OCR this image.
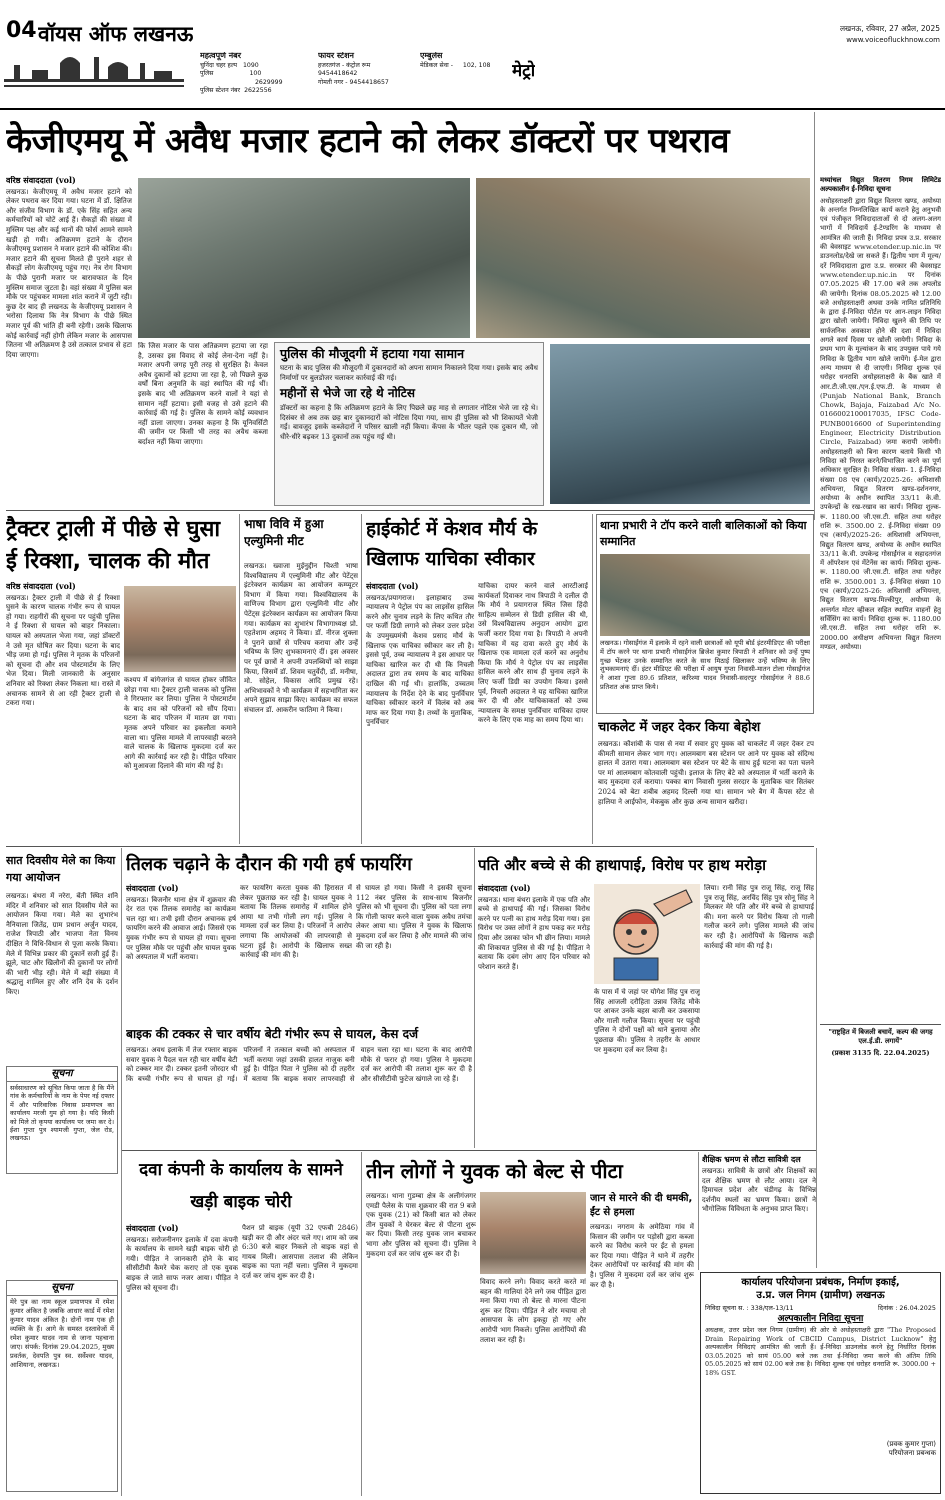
04 वॉयस ऑफ लखनऊ
महत्वपूर्ण नंबर
चुनिंदा चहर हल्प 1090
पुलिस	100
2629999
पुलिस स्टेशन नंबर 2622556
फायर स्टेशन
हजरतगंज - कंट्रोल रूम
9454418642
गोमती नगर - 9454418657
एम्बुलेंस
मेडिकल सेवा - 102, 108	मेट्रो
लखनऊ, रविवार, 27 अप्रैल, 2025
www.voiceofluckhnow.com
केजीएमयू में अवैध मजार हटाने को लेकर डॉक्टरों पर पथराव
वरिष्ठ संवाददाता (vol)
लखनऊ। केजीएमयू में अवैध मजार हटाने को लेकर पथराव कर दिया गया। घटना में डॉ. क्षितिज और संजीव विभाग के डॉ. एके सिंह सहित अन्य कर्मचारियों को चोटें आई हैं। सैकड़ों की संख्या में मुस्लिम पक्ष और कई थानों की फोर्स आमने सामने खड़ी हो गयी। अतिक्रमण हटाने के दौरान केजीएमयू प्रशासन ने मजार हटाने की कोशिश की। मजार हटाने की सूचना मिलते ही पुराने शहर से सैकड़ों लोग केजीएमयू पहुंच गए। नेत्र रोग विभाग के पीछे पुरानी मजार पर बारावफात के दिन मुस्लिम समाज जुटता है। वहां संख्या में पुलिस बल मौके पर पहुंचकर मामला शांत कराने में जुटी रही। कुछ देर बाद ही लखनऊ के केजीएमयू प्रशासन ने भरोसा दिलाया कि नेत्र विभाग के पीछे स्थित मजार पूर्व की भांति ही बनी रहेगी। उसके खिलाफ कोई कार्रवाई नहीं होगी लेकिन मजार के आसपास जितना भी अतिक्रमण है उसे तत्काल प्रभाव से हटा दिया जाएगा।
कि जिस मजार के पास अतिक्रमण हटाया जा रहा है, उसका इस विवाद से कोई लेना-देना नहीं है। मजार अपनी जगह पूरी तरह से सुरक्षित है। केवल अवैध दुकानों को हटाया जा रहा है, जो पिछले कुछ वर्षों बिना अनुमति के वहां स्थापित की गई थीं। इसके बाद भी अतिक्रमण करने वालों ने यहां से सामान नहीं हटाया। इसी वजह से उसे हटाने की कार्रवाई की गई है। पुलिस के सामने कोई व्यवधान नहीं डाला जाएगा। उनका कहना है कि यूनिवर्सिटी की जमीन पर किसी भी तरह का अवैध कब्जा बर्दाश्त नहीं किया जाएगा।
पुलिस की मौजूदगी में हटाया गया सामान
घटना के बाद पुलिस की मौजूदगी में दुकानदारों को अपना सामान निकालने दिया गया। इसके बाद अवैध निर्माणों पर बुलडोजर चलाकर कार्रवाई की गई।
महीनों से भेजे जा रहे थे नोटिस
डॉक्टरों का कहना है कि अतिक्रमण हटाने के लिए पिछले छह माह से लगातार नोटिस भेजे जा रहे थे। दिसंबर से अब तक छह बार दुकानदारों को नोटिस दिया गया, साथ ही पुलिस को भी शिकायतें भेजी गईं। बावजूद इसके कब्जेदारों ने परिसर खाली नहीं किया। केंपस के भीतर पहले एक दुकान थी, जो धीरे-धीरे बढ़कर 13 दुकानों तक पहुंच गई थी।
मध्यांचल विद्युत वितरण निगम लिमिटेड अल्पकालीन ई-निविदा सूचना
अधोहस्ताक्षरी द्वारा विद्युत वितरण खण्ड, अयोध्या के अन्तर्गत निम्नलिखित कार्य कराने हेतु अनुभवी एवं पंजीकृत निविदादाताओं से दो अलग-अलग भागों में निविदायें ई-टेण्डरिंग के माध्यम से आमंत्रित की जाती हैं। निविदा प्रपत्र उ.प्र. सरकार की बेवसाइट www.etender.up.nic.in पर डाउनलोड/देखे जा सकते हैं। द्वितीय भाग में मूल्य/दरें निविदादाता द्वारा उ.प्र. सरकार की बेवसाइट www.etender.up.nic.in पर दिनांक 07.05.2025 की 17.00 बजे तक अपलोड की जायेगी। दिनांक 08.05.2025 को 12.00 बजे अधोहस्ताक्षरी अथवा उनके नामित प्रतिनिधि के द्वारा ई-निविदा पोर्टल पर आन-लाइन निविदा द्वारा खोली जायेगी। निविदा खुलने की तिथि पर सार्वजनिक अवकाश होने की दशा में निविदा अगले कार्य दिवस पर खोली जायेगी। निविदा के प्रथम भाग के मूल्यांकन के बाद उपयुक्त पाये गये निविदा के द्वितीय भाग खोले जायेंगे। ई-मेल द्वारा अन्य माध्यम से दी जाएगी। निविदा शुल्क एवं धरोहर धनराशि अधोहस्ताक्षरी के बैंक खाते में आर.टी.जी.एस./एन.ई.एफ.टी. के माध्यम से (Punjab National Bank, Branch Chowk, Bajaja, Faizabad A/c No. 0166002100017035, IFSC Code-PUNB0016600 of Superintending Engineer, Electricity Distribution Circle, Faizabad) जमा करायी जायेगी। अधोहस्ताक्षरी को बिना कारण बताये किसी भी निविदा को निरस्त करने/विभाजित करने का पूर्ण अधिकार सुरक्षित है। निविदा संख्या- 1. ई-निविदा संख्या 08 एच (कार्य)/2025-26: अधिशासी अभियन्ता, विद्युत वितरण खण्ड-दर्शननगर, अयोध्या के अधीन स्थापित 33/11 के.वी. उपकेन्द्रों के रख-रखाव का कार्य। निविदा शुल्क- रू. 1180.00 जी.एस.टी. सहित तथा धरोहर राशि रू. 3500.00 2. ई-निविदा संख्या 09 एच (कार्य)/2025-26: अधिशासी अभियन्ता, विद्युत वितरण खण्ड, अयोध्या के अधीन स्थापित 33/11 के.वी. उपकेन्द्र गोसाईंगंज व सहादतगंज में ऑपरेशन एवं मेंटेनेंस का कार्य। निविदा शुल्क- रू. 1180.00 जी.एस.टी. सहित तथा धरोहर राशि रू. 3500.001 3. ई-निविदा संख्या 10 एच (कार्य)/2025-26: अधिशासी अभियन्ता, विद्युत वितरण खण्ड-मिल्कीपुर, अयोध्या के अन्तर्गत मोटर व्हीकल सहित स्थापित वाहनों हेतु सर्विसिंग का कार्य। निविदा शुल्क रू. 1180.00 जी.एस.टी. सहित तथा धरोहर राशि रू. 2000.00 अधीक्षण अभियन्ता विद्युत वितरण मण्डल, अयोध्या।
"राष्ट्रहित में बिजली बचायें, कल्प की जगह एल.ई.डी. लगायें"
(प्रकाश 3135 दि. 22.04.2025)
ट्रैक्टर ट्राली में पीछे से घुसा ई रिक्शा, चालक की मौत
वरिष्ठ संवाददाता (vol)
लखनऊ। ट्रैक्टर ट्राली में पीछे से ई रिक्शा घुसने के कारण चालक गंभीर रूप से घायल हो गया। राहगीरों की सूचना पर पहुंची पुलिस ने ई रिक्शा से घायल को बाहर निकाला। घायल को अस्पताल भेजा गया, जहां डॉक्टरों ने उसे मृत घोषित कर दिया। घटना के बाद भीड़ जमा हो गई। पुलिस ने मृतक के परिजनों को सूचना दी और शव पोस्टमार्टम के लिए भेज दिया। मिली जानकारी के अनुसार शनिवार को रिक्शा लेकर निकला था। रास्ते में अचानक सामने से आ रही ट्रैक्टर ट्राली से टकरा गया।
कश्यप में बांगेजगंज से घायल होकर जीवित छोड़ा गया था। ट्रैक्टर ट्राली चालक को पुलिस ने गिरफ्तार कर लिया। पुलिस ने पोस्टमार्टम के बाद शव को परिजनों को सौंप दिया। घटना के बाद परिजन में मातम छा गया। मृतक अपने परिवार का इकलौता कमाने वाला था। पुलिस मामले में लापरवाही बरतने वाले चालक के खिलाफ मुकदमा दर्ज कर आगे की कार्रवाई कर रही है। पीड़ित परिवार को मुआवजा दिलाने की मांग की गई है।
भाषा विवि में हुआ एल्युमिनी मीट
लखनऊ। ख्वाजा मुईनुद्दीन चिश्ती भाषा विश्वविद्यालय में एल्युमिनी मीट और पेटेंट्स इंटरेक्शन कार्यक्रम का आयोजन कम्प्यूटर विभाग में किया गया। विश्वविद्यालय के वाणिज्य विभाग द्वारा एल्युमिनी मीट और पेटेंट्स इंटरेक्शन कार्यक्रम का आयोजन किया गया। कार्यक्रम का शुभारंभ विभागाध्यक्ष प्रो. एहतेशाम अहमद ने किया। डॉ. नीरज शुक्ला ने पुराने छात्रों से परिचय कराया और उन्हें भविष्य के लिए शुभकामनाएं दीं। इस अवसर पर पूर्व छात्रों ने अपनी उपलब्धियों को साझा किया, जिसमें डॉ. शिवम चतुर्वेदी, डॉ. मनीषा, मो. सोहेल, विकास आदि प्रमुख रहे। अभिभावकों ने भी कार्यक्रम में सहभागिता कर अपने सुझाव साझा किए। कार्यक्रम का सफल संचालन डॉ. आकरीन फातिमा ने किया।
हाईकोर्ट में केशव मौर्य के खिलाफ याचिका स्वीकार
संवाददाता (vol)
लखनऊ/प्रयागराज। इलाहाबाद उच्च न्यायालय ने पेट्रोल पंप का लाइसेंस हासिल करने और चुनाव लड़ने के लिए कथित तौर पर फर्जी डिग्री लगाने को लेकर उत्तर प्रदेश के उपमुख्यमंत्री केशव प्रसाद मौर्य के खिलाफ एक याचिका स्वीकार कर ली है। इससे पूर्व, उच्च न्यायालय ने इस आधार पर याचिका खारिज कर दी थी कि निचली अदालत द्वारा तय समय के बाद याचिका दाखिल की गई थी। हालांकि, उच्चतम न्यायालय के निर्देश देने के बाद पुनर्विचार याचिका स्वीकार करने में विलंब को अब माफ कर दिया गया है। तथ्यों के मुताबिक, पुनर्विचार
याचिका दायर करने वाले आरटीआई कार्यकर्ता दिवाकर नाथ त्रिपाठी ने दलील दी कि मौर्य ने प्रयागराज स्थित जिस हिंदी साहित्य सम्मेलन से डिग्री हासिल की थी, उसे विश्वविद्यालय अनुदान आयोग द्वारा फर्जी करार दिया गया है। त्रिपाठी ने अपनी याचिका में यह दावा करते हुए मौर्य के खिलाफ एक मामला दर्ज करने का अनुरोध किया कि मौर्य ने पेट्रोल पंप का लाइसेंस हासिल करने और साथ ही चुनाव लड़ने के लिए फर्जी डिग्री का उपयोग किया। इससे पूर्व, निचली अदालत ने यह याचिका खारिज कर दी थी और याचिकाकर्ता को उच्च न्यायालय के समक्ष पुनर्विचार याचिका दायर करने के लिए एक माह का समय दिया था।
थाना प्रभारी ने टॉप करने वाली बालिकाओं को किया सम्मानित
लखनऊ। गोसाईंगंज में इलाके में रहने वाली छात्राओं को यूपी बोर्ड इंटरमीडिएट की परीक्षा में टॉप करने पर थाना प्रभारी गोसाईंगंज ब्रिजेश कुमार त्रिपाठी ने शनिवार को उन्हें पुष्प गुच्छ भेंटकर उनके सम्मानित करते के साथ मिठाई खिलाकर उन्हें भविष्य के लिए शुभकामनाएं दीं। इंटर मीडिएट की परीक्षा में आयुष गुप्ता निवासी-मातन टोला गोसाईंगंज ने आशा गुप्ता 89.6 प्रतिशत, करिश्मा यादव निवासी-सदरपुर गोसाईंगंज ने 88.6 प्रतिशत अंक प्राप्त किये।
चाकलेट में जहर देकर किया बेहोश
लखनऊ। कौशांबी के पास से नया में सवार हुए युवक को चाकलेट में जहर देकर टप कीमती सामान लेकर भाग गए। आलमबाग बस स्टेशन पर आने पर युवक को संदिग्ध हालत में उतारा गया। आलमबाग बस स्टेशन पर बेटे के साथ हुई घटना का पता चलने पर मां आलमबाग कोतवाली पहुंची। इलाज के लिए बेटे को अस्पताल में भर्ती कराने के बाद मुकदमा दर्ज कराया। पक्का बाग निवासी गुलस सरदार के मुताबिक चार सितंबर 2024 को बेटा शबीब अहमद दिल्ली गया था। सामान भरे बैग में कैंपस स्टेट से हालिया ने आईफोन, मेकबुक और कुछ अन्य सामान खरीदा।
सात दिवसीय मेले का किया गया आयोजन
लखनऊ। बंथरा में नरेरा, बेंती स्थित शनि मंदिर में शनिवार को सात दिवसीय मेले का आयोजन किया गया। मेले का शुभारंभ नैनियाला जितेंद्र, ग्राम प्रधान अर्जुन यादव, राजेश त्रिपाठी और भाजपा नेता विनय दीक्षित ने विधि-विधान से पूजा करके किया। मेले में विभिन्न प्रकार की दुकानें सजी हुई हैं। झूले, चाट और खिलौनों की दुकानों पर लोगों की भारी भीड़ रही। मेले में बड़ी संख्या में श्रद्धालु शामिल हुए और शनि देव के दर्शन किए।
सूचना
सर्वसाधारण को सूचित किया जाता है कि मैंने गांव के कर्मचारियों के नाम के पेपर नई दफ्तर में और पारिवारिक निवास प्रमाणपत्र का कार्यालय मरजी गुम हो गया है। यदि किसी को मिले तो कृपया कार्यालय पर जमा कर दे। ईशा गुप्ता पुत्र श्यामजी गुप्ता, जेल रोड, लखनऊ।
सूचना
मेरे पुत्र का नाम स्कूल प्रमाणपत्र में रमेश कुमार अंकित है जबकि आधार कार्ड में रमेश कुमार यादव अंकित है। दोनों नाम एक ही व्यक्ति के हैं। आगे के समस्त दस्तावेजों में रमेश कुमार यादव नाम से जाना पहचाना जाए। संपर्क: दिनांक 29.04.2025, मुख्य प्रवर्तक, देवपति पुत्र स्व. सर्वेश्वर यादव, आशियाना, लखनऊ।
तिलक चढ़ाने के दौरान की गयी हर्ष फायरिंग
संवाददाता (vol)
लखनऊ। बिजनौर थाना क्षेत्र में शुक्रवार की देर रात एक तिलक समारोह का कार्यक्रम चल रहा था। तभी इसी दौरान अचानक हर्ष फायरिंग करने की आवाज आई। जिससे एक युवक गंभीर रूप से घायल हो गया। सूचना पर पुलिस मौके पर पहुंची और घायल युवक को अस्पताल में भर्ती कराया।
कर फायरिंग करता युवक की हिरासत में लेकर पूछताछ कर रही है। घायल युवक ने बताया कि तिलक समारोह में शामिल होने आया था तभी गोली लग गई। पुलिस ने मामला दर्ज कर लिया है। परिजनों ने आरोप लगाया कि आयोजकों की लापरवाही से घटना हुई है। आरोपी के खिलाफ सख्त कार्रवाई की मांग की है।
से घायल हो गया। किसी ने इसकी सूचना 112 नंबर पुलिस के साथ-साथ बिजनौर पुलिस को भी सूचना दी। पुलिस को पता लगा कि गोली फायर करने वाला युवक अवैध तमंचा लेकर आया था। पुलिस ने युवक के खिलाफ मुकदमा दर्ज कर लिया है और मामले की जांच की जा रही है।
बाइक की टक्कर से चार वर्षीय बेटी गंभीर रूप से घायल, केस दर्ज
लखनऊ। अवध इलाके में तेज रफ्तार बाइक सवार युवक ने पैदल चल रही चार वर्षीय बेटी को टक्कर मार दी। टक्कर इतनी जोरदार थी कि बच्ची गंभीर रूप से घायल हो गई। परिजनों ने तत्काल बच्ची को अस्पताल में भर्ती कराया जहां उसकी हालत नाजुक बनी हुई है। पीड़ित पिता ने पुलिस को दी तहरीर में बताया कि बाइक सवार लापरवाही से वाहन चला रहा था। घटना के बाद आरोपी मौके से फरार हो गया। पुलिस ने मुकदमा दर्ज कर आरोपी की तलाश शुरू कर दी है और सीसीटीवी फुटेज खंगाले जा रहे हैं।
पति और बच्चे से की हाथापाई, विरोध पर हाथ मरोड़ा
संवाददाता (vol)
लखनऊ। थाना बंथरा इलाके में एक पति और बच्चे से हाथापाई की गई। जिसका विरोध करने पर पत्नी का हाथ मरोड़ दिया गया। इस विरोध पर उक्त लोगों ने हाथ पकड़ कर मरोड़ दिया और उसका फोन भी छीन लिया। मामले की शिकायत पुलिस से की गई है। पीड़िता ने बताया कि दबंग लोग आए दिन परिवार को परेशान करते हैं।
के पास में चे जहां पर योगेश सिंह पुत्र राजू सिंह आजली दरौहिता उन्नाव जितेंद्र मौके पर आकर उनके बहस बाजी कर उकसाया और गाली गलौज किया। सूचना पर पहुंची पुलिस ने दोनों पक्षों को थाने बुलाया और पूछताछ की। पुलिस ने तहरीर के आधार पर मुकदमा दर्ज कर लिया है।
लिया। रानी सिंह पुत्र राजू सिंह, राजू सिंह पुत्र राजू सिंह, अरविंद सिंह पुत्र सोनू सिंह ने मिलकर मेरे पति और मेरे बच्चे से हाथापाई की। मना करने पर विरोध किया तो गाली गलौज करने लगे। पुलिस मामले की जांच कर रही है। आरोपियों के खिलाफ कड़ी कार्रवाई की मांग की गई है।
दवा कंपनी के कार्यालय के सामने खड़ी बाइक चोरी
संवाददाता (vol)
लखनऊ। सरोजनीनगर इलाके में दवा कंपनी के कार्यालय के सामने खड़ी बाइक चोरी हो गयी। पीड़ित ने जानकारी होने के बाद सीसीटीवी कैमरे चेक कराए तो एक युवक बाइक ले जाते साफ नजर आया। पीड़ित ने पुलिस को सूचना दी।
पैशन प्रो बाइक (यूपी 32 एफबी 2846) खड़ी कर दी और अंदर चले गए। शाम को जब 6:30 बजे बाहर निकले तो बाइक वहां से गायब मिली। आसपास तलाश की लेकिन बाइक का पता नहीं चला। पुलिस ने मुकदमा दर्ज कर जांच शुरू कर दी है।
तीन लोगों ने युवक को बेल्ट से पीटा
लखनऊ। थाना गुडम्बा क्षेत्र के अलीगंजगर एमडी पैलेस के पास शुक्रवार की रात 9 बजे एक युवक (21) को किसी बात को लेकर तीन युवकों ने घेरकर बेल्ट से पीटना शुरू कर दिया। किसी तरह युवक जान बचाकर भागा और पुलिस को सूचना दी। पुलिस ने मुकदमा दर्ज कर जांच शुरू कर दी है।
विवाद करने लगे। विवाद करते करते मां बहन की गालियां देने लगे जब पीड़ित द्वारा मना किया गया तो बेल्ट से मारना पीटना शुरू कर दिया। पीड़ित ने शोर मचाया तो आसपास के लोग इकट्ठा हो गए और आरोपी भाग निकले। पुलिस आरोपियों की तलाश कर रही है।
जान से मारने की दी धमकी, ईंट से हमला
लखनऊ। नगराम के अमेठिया गांव में किसान की जमीन पर पड़ोसी द्वारा कब्जा करने का विरोध करने पर ईंट से हमला कर दिया गया। पीड़ित ने थाने में तहरीर देकर आरोपियों पर कार्रवाई की मांग की है। पुलिस ने मुकदमा दर्ज कर जांच शुरू कर दी है।
शैक्षिक भ्रमण से लौटा सावित्री दल
लखनऊ। सावित्री के छात्रों और शिक्षकों का दल शैक्षिक भ्रमण से लौट आया। दल ने हिमाचल प्रदेश और चंडीगढ़ के विभिन्न दर्शनीय स्थलों का भ्रमण किया। छात्रों ने भौगोलिक विविधता के अनुभव प्राप्त किए।
कार्यालय परियोजना प्रबंधक, निर्माण इकाई,
उ.प्र. जल निगम (ग्रामीण) लखनऊ
निविदा सूचना स. : 338/एल-13/11	दिनांक : 26.04.2025
अल्पकालीन निविदा सूचना
अधक्षक, उत्तर प्रदेश जल निगम (ग्रामीण) की ओर से अधोहस्ताक्षरी द्वारा "The Proposed Drain Repairing Work of CBCID Campus, District Lucknow" हेतु अल्पकालीन निविदाएं आमंत्रित की जाती हैं। ई-निविदा डाउनलोड करने हेतु निर्धारित दिनांक 03.05.2025 को सायं 05.00 बजे तक तथा ई-निविदा जमा करने की अंतिम तिथि 05.05.2025 को सायं 02.00 बजे तक है। निविदा शुल्क एवं धरोहर धनराशि रू. 3000.00 + 18% GST.
(प्रवक कुमार गुप्ता)
परियोजना प्रबन्धक
